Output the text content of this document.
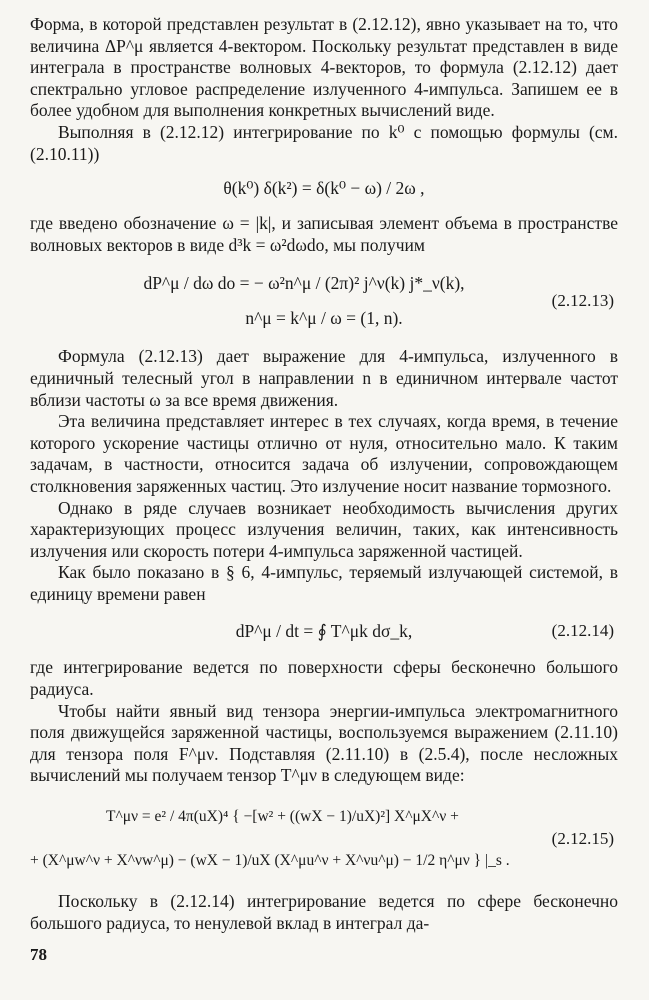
Форма, в которой представлен результат в (2.12.12), явно указывает на то, что величина ΔP^μ является 4-вектором. Поскольку результат представлен в виде интеграла в пространстве волновых 4-векторов, то формула (2.12.12) дает спектрально угловое распределение излученного 4-импульса. Запишем ее в более удобном для выполнения конкретных вычислений виде.

Выполняя в (2.12.12) интегрирование по k⁰ с помощью формулы (см. (2.10.11))

θ(k⁰) δ(k²) = δ(k⁰ − ω) / 2ω ,

где введено обозначение ω = |k|, и записывая элемент объема в пространстве волновых векторов в виде d³k = ω²dωdo, мы получим

dP^μ / dω do = − ω²n^μ / (2π)² j^ν(k) j*_ν(k),
n^μ = k^μ / ω = (1, n).
(2.12.13)

Формула (2.12.13) дает выражение для 4-импульса, излученного в единичный телесный угол в направлении n в единичном интервале частот вблизи частоты ω за все время движения.

Эта величина представляет интерес в тех случаях, когда время, в течение которого ускорение частицы отлично от нуля, относительно мало. К таким задачам, в частности, относится задача об излучении, сопровождающем столкновения заряженных частиц. Это излучение носит название тормозного.

Однако в ряде случаев возникает необходимость вычисления других характеризующих процесс излучения величин, таких, как интенсивность излучения или скорость потери 4-импульса заряженной частицей.

Как было показано в § 6, 4-импульс, теряемый излучающей системой, в единицу времени равен

dP^μ / dt = ∮ T^μk dσ_k,	(2.12.14)

где интегрирование ведется по поверхности сферы бесконечно большого радиуса.

Чтобы найти явный вид тензора энергии-импульса электромагнитного поля движущейся заряженной частицы, воспользуемся выражением (2.11.10) для тензора поля F^μν. Подставляя (2.11.10) в (2.5.4), после несложных вычислений мы получаем тензор T^μν в следующем виде:

T^μν = e² / 4π(uX)⁴ { −[w² + ((wX − 1)/uX)²] X^μX^ν +
+ (X^μw^ν + X^νw^μ) − (wX − 1)/uX (X^μu^ν + X^νu^μ) − 1/2 η^μν } |_s .
(2.12.15)

Поскольку в (2.12.14) интегрирование ведется по сфере бесконечно большого радиуса, то ненулевой вклад в интеграл да-

78
